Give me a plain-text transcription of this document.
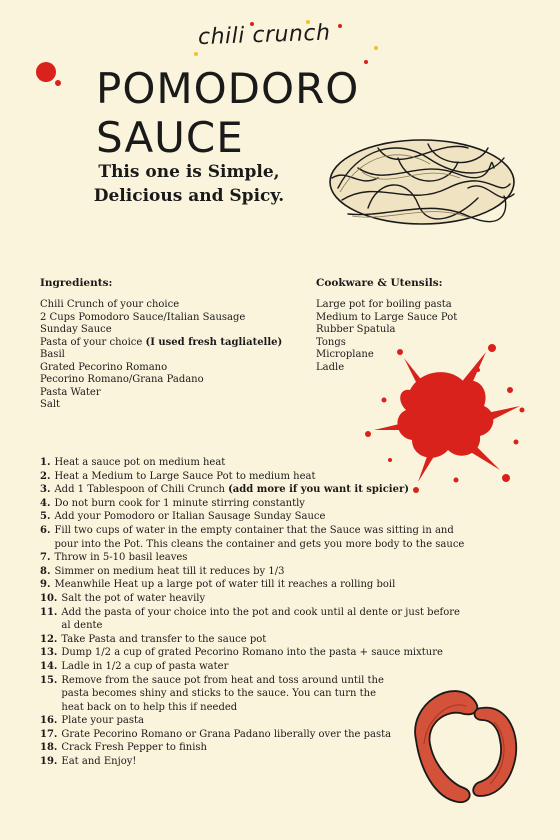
chili crunch
POMODORO SAUCE
This one is Simple,
Delicious and Spicy.
Ingredients:
Chili Crunch of your choice
2 Cups Pomodoro Sauce/Italian Sausage
Sunday Sauce
Pasta of your choice (I used fresh tagliatelle)
Basil
Grated Pecorino Romano
Pecorino Romano/Grana Padano
Pasta Water
Salt
Cookware & Utensils:
Large pot for boiling pasta
Medium to Large Sauce Pot
Rubber Spatula
Tongs
Microplane
Ladle
1. Heat a sauce pot on medium heat
2. Heat a Medium to Large Sauce Pot to medium heat
3. Add 1 Tablespoon of Chili Crunch (add more if you want it spicier)
4. Do not burn cook for 1 minute stirring constantly
5. Add your Pomodoro or Italian Sausage Sunday Sauce
6. Fill two cups of water in the empty container that the Sauce was sitting in and pour into the Pot. This cleans the container and gets you more body to the sauce
7. Throw in 5-10 basil leaves
8. Simmer on medium heat till it reduces by 1/3
9. Meanwhile Heat up a large pot of water till it reaches a rolling boil
10. Salt the pot of water heavily
11. Add the pasta of your choice into the pot and cook until al dente or just before al dente
12. Take Pasta and transfer to the sauce pot
13. Dump 1/2 a cup of grated Pecorino Romano into the pasta + sauce mixture
14. Ladle in 1/2 a cup of pasta water
15. Remove from the sauce pot from heat and toss around until the pasta becomes shiny and sticks to the sauce. You can turn the heat back on to help this if needed
16. Plate your pasta
17. Grate Pecorino Romano or Grana Padano liberally over the pasta
18. Crack Fresh Pepper to finish
19. Eat and Enjoy!
